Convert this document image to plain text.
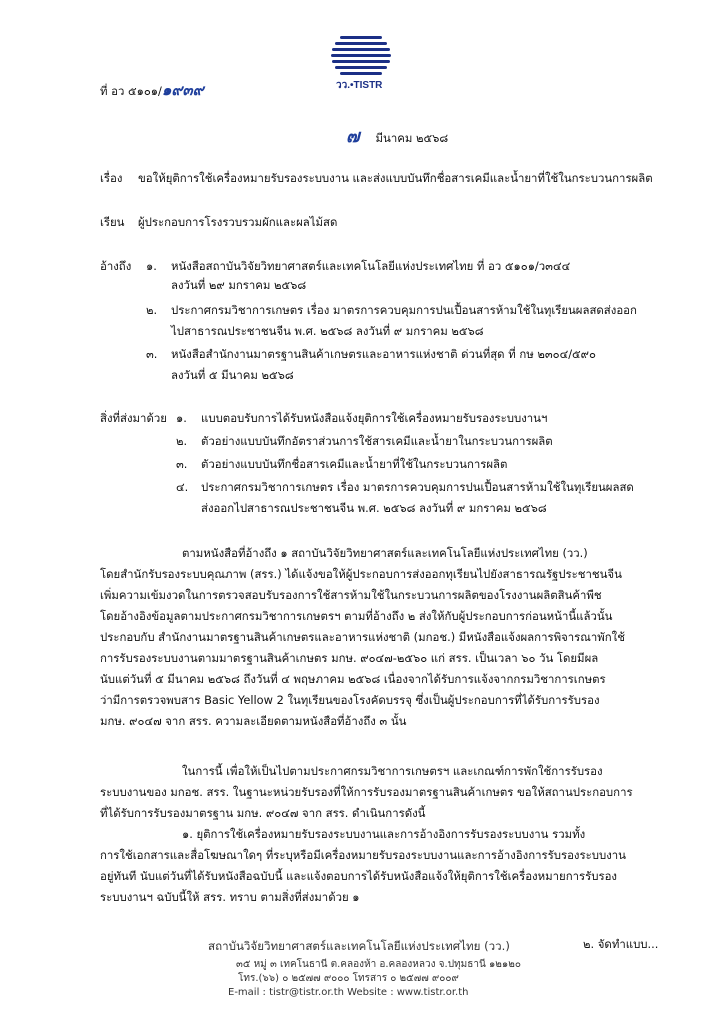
วว.•TISTR
ที่ อว ๕๑๐๑/๑๙๓๙
๗ มีนาคม ๒๕๖๘
เรื่อง ขอให้ยุติการใช้เครื่องหมายรับรองระบบงาน และส่งแบบบันทึกชื่อสารเคมีและน้ำยาที่ใช้ในกระบวนการผลิต
เรียน ผู้ประกอบการโรงรวบรวมผักและผลไม้สด
อ้างถึง ๑. หนังสือสถาบันวิจัยวิทยาศาสตร์และเทคโนโลยีแห่งประเทศไทย ที่ อว ๕๑๐๑/ว๓๔๔
ลงวันที่ ๒๙ มกราคม ๒๕๖๘
๒. ประกาศกรมวิชาการเกษตร เรื่อง มาตรการควบคุมการปนเปื้อนสารห้ามใช้ในทุเรียนผลสดส่งออก
ไปสาธารณประชาชนจีน พ.ศ. ๒๕๖๘ ลงวันที่ ๙ มกราคม ๒๕๖๘
๓. หนังสือสำนักงานมาตรฐานสินค้าเกษตรและอาหารแห่งชาติ ด่วนที่สุด ที่ กษ ๒๓๐๔/๕๙๐
ลงวันที่ ๕ มีนาคม ๒๕๖๘
สิ่งที่ส่งมาด้วย ๑. แบบตอบรับการได้รับหนังสือแจ้งยุติการใช้เครื่องหมายรับรองระบบงานฯ
๒. ตัวอย่างแบบบันทึกอัตราส่วนการใช้สารเคมีและน้ำยาในกระบวนการผลิต
๓. ตัวอย่างแบบบันทึกชื่อสารเคมีและน้ำยาที่ใช้ในกระบวนการผลิต
๔. ประกาศกรมวิชาการเกษตร เรื่อง มาตรการควบคุมการปนเปื้อนสารห้ามใช้ในทุเรียนผลสด
ส่งออกไปสาธารณประชาชนจีน พ.ศ. ๒๕๖๘ ลงวันที่ ๙ มกราคม ๒๕๖๘
ตามหนังสือที่อ้างถึง ๑ สถาบันวิจัยวิทยาศาสตร์และเทคโนโลยีแห่งประเทศไทย (วว.)
โดยสำนักรับรองระบบคุณภาพ (สรร.) ได้แจ้งขอให้ผู้ประกอบการส่งออกทุเรียนไปยังสาธารณรัฐประชาชนจีน
เพิ่มความเข้มงวดในการตรวจสอบรับรองการใช้สารห้ามใช้ในกระบวนการผลิตของโรงงานผลิตสินค้าพืช
โดยอ้างอิงข้อมูลตามประกาศกรมวิชาการเกษตรฯ ตามที่อ้างถึง ๒ ส่งให้กับผู้ประกอบการก่อนหน้านี้แล้วนั้น
ประกอบกับ สำนักงานมาตรฐานสินค้าเกษตรและอาหารแห่งชาติ (มกอช.) มีหนังสือแจ้งผลการพิจารณาพักใช้
การรับรองระบบงานตามมาตรฐานสินค้าเกษตร มกษ. ๙๐๔๗-๒๕๖๐ แก่ สรร. เป็นเวลา ๖๐ วัน โดยมีผล
นับแต่วันที่ ๕ มีนาคม ๒๕๖๘ ถึงวันที่ ๔ พฤษภาคม ๒๕๖๘ เนื่องจากได้รับการแจ้งจากกรมวิชาการเกษตร
ว่ามีการตรวจพบสาร Basic Yellow 2 ในทุเรียนของโรงคัดบรรจุ ซึ่งเป็นผู้ประกอบการที่ได้รับการรับรอง
มกษ. ๙๐๔๗ จาก สรร. ความละเอียดตามหนังสือที่อ้างถึง ๓ นั้น
ในการนี้ เพื่อให้เป็นไปตามประกาศกรมวิชาการเกษตรฯ และเกณฑ์การพักใช้การรับรอง
ระบบงานของ มกอช. สรร. ในฐานะหน่วยรับรองที่ให้การรับรองมาตรฐานสินค้าเกษตร ขอให้สถานประกอบการ
ที่ได้รับการรับรองมาตรฐาน มกษ. ๙๐๔๗ จาก สรร. ดำเนินการดังนี้
๑. ยุติการใช้เครื่องหมายรับรองระบบงานและการอ้างอิงการรับรองระบบงาน รวมทั้ง
การใช้เอกสารและสื่อโฆษณาใดๆ ที่ระบุหรือมีเครื่องหมายรับรองระบบงานและการอ้างอิงการรับรองระบบงาน
อยู่ทันที นับแต่วันที่ได้รับหนังสือฉบับนี้ และแจ้งตอบการได้รับหนังสือแจ้งให้ยุติการใช้เครื่องหมายการรับรอง
ระบบงานฯ ฉบับนี้ให้ สรร. ทราบ ตามสิ่งที่ส่งมาด้วย ๑
๒. จัดทำแบบ...
สถาบันวิจัยวิทยาศาสตร์และเทคโนโลยีแห่งประเทศไทย (วว.)
๓๕ หมู่ ๓ เทคโนธานี ต.คลองห้า อ.คลองหลวง จ.ปทุมธานี ๑๒๑๒๐
โทร.(๖๖) ๐ ๒๕๗๗ ๙๐๐๐ โทรสาร ๐ ๒๕๗๗ ๙๐๐๙
E-mail : tistr@tistr.or.th Website : www.tistr.or.th
